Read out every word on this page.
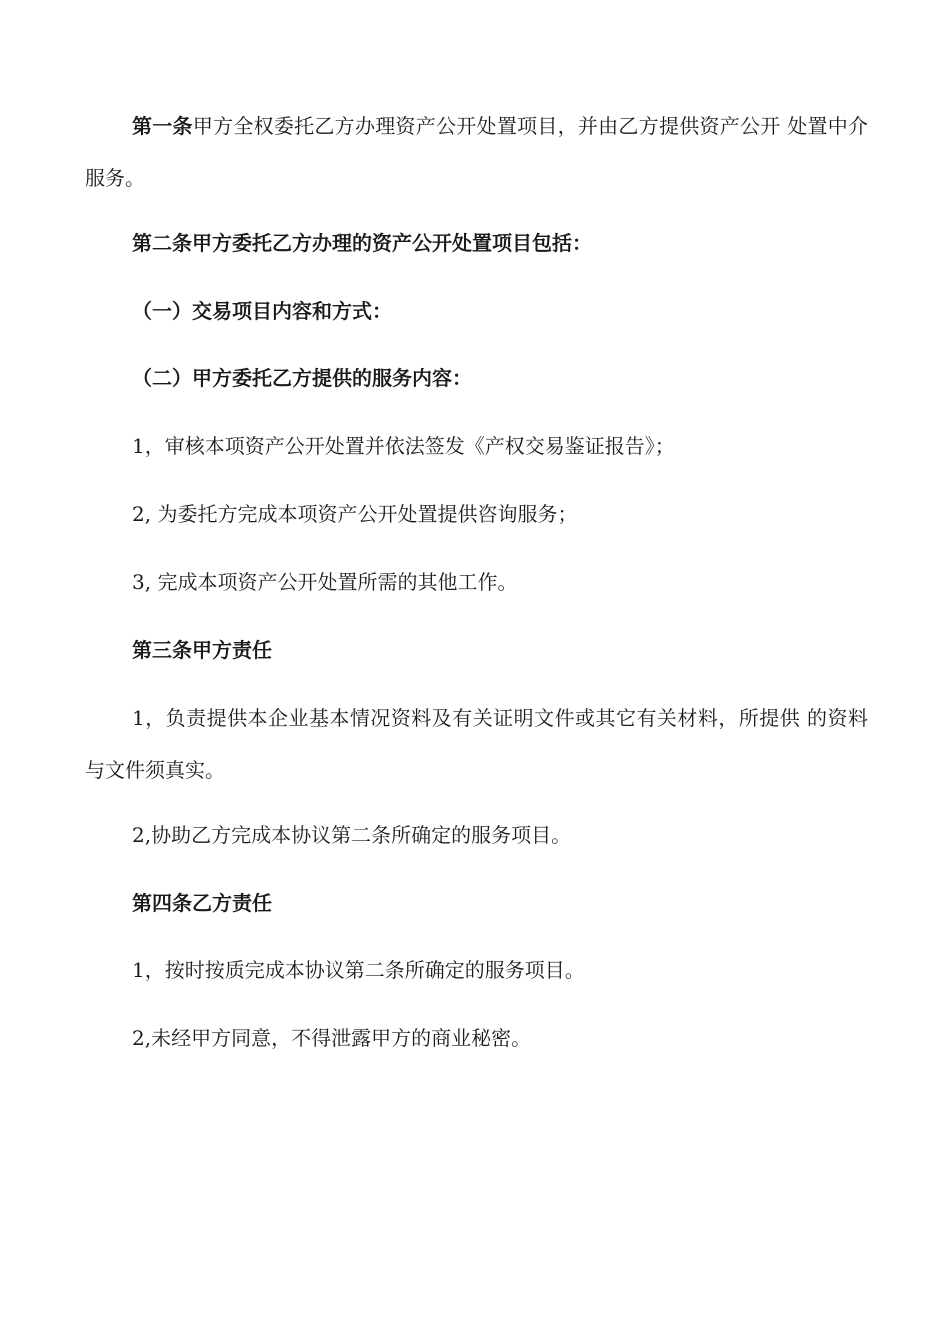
第一条甲方全权委托乙方办理资产公开处置项目，并由乙方提供资产公开 处置中介服务。

第二条甲方委托乙方办理的资产公开处置项目包括：

（一）交易项目内容和方式：

（二）甲方委托乙方提供的服务内容：

1，审核本项资产公开处置并依法签发《产权交易鉴证报告》；

2, 为委托方完成本项资产公开处置提供咨询服务；

3, 完成本项资产公开处置所需的其他工作。

第三条甲方责任

1，负责提供本企业基本情况资料及有关证明文件或其它有关材料，所提供 的资料与文件须真实。

2,协助乙方完成本协议第二条所确定的服务项目。

第四条乙方责任

1，按时按质完成本协议第二条所确定的服务项目。

2,未经甲方同意，不得泄露甲方的商业秘密。
